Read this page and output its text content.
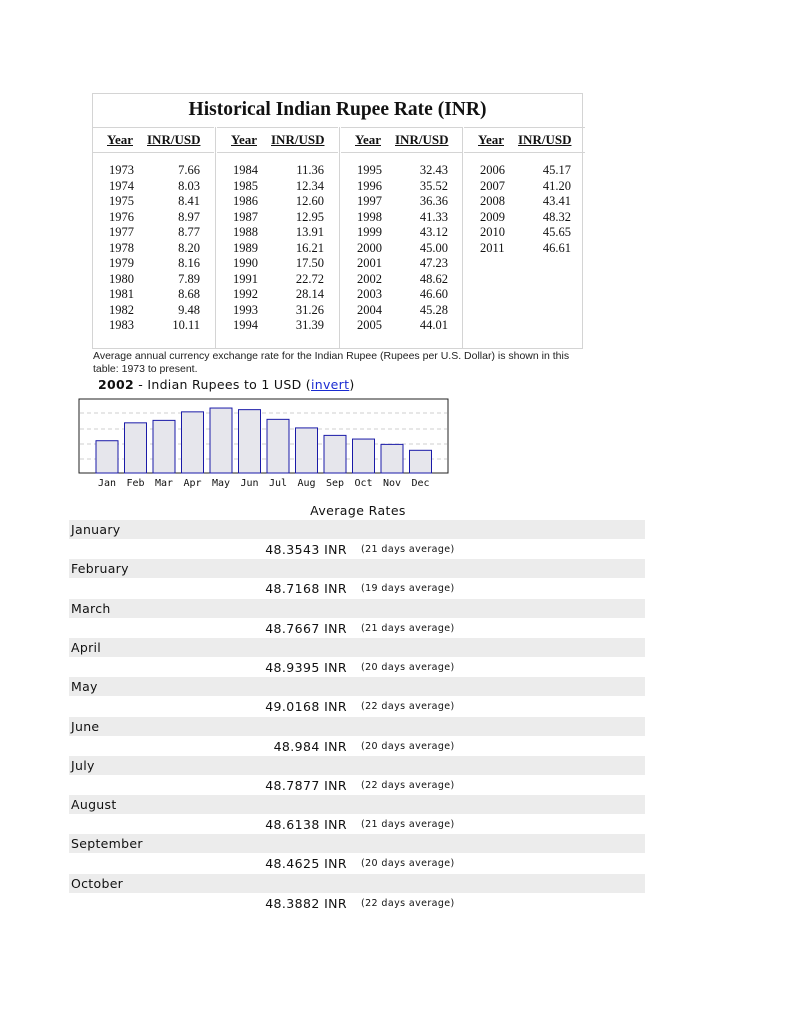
Historical Indian Rupee Rate (INR)
Year INR/USD
1973	7.66
1974	8.03
1975	8.41
1976	8.97
1977	8.77
1978	8.20
1979	8.16
1980	7.89
1981	8.68
1982	9.48
1983	10.11
Year INR/USD
1984	11.36
1985	12.34
1986	12.60
1987	12.95
1988	13.91
1989	16.21
1990	17.50
1991	22.72
1992	28.14
1993	31.26
1994	31.39
Year INR/USD
1995	32.43
1996	35.52
1997	36.36
1998	41.33
1999	43.12
2000	45.00
2001	47.23
2002	48.62
2003	46.60
2004	45.28
2005	44.01
Year INR/USD
2006	45.17
2007	41.20
2008	43.41
2009	48.32
2010	45.65
2011	46.61
Average annual currency exchange rate for the Indian Rupee (Rupees per U.S. Dollar) is shown in this table: 1973 to present.
2002 - Indian Rupees to 1 USD (invert)
Jan Feb Mar Apr May Jun Jul Aug Sep Oct Nov Dec
Average Rates
January
48.3543 INR (21 days average)
February
48.7168 INR (19 days average)
March
48.7667 INR (21 days average)
April
48.9395 INR (20 days average)
May
49.0168 INR (22 days average)
June
48.984 INR (20 days average)
July
48.7877 INR (22 days average)
August
48.6138 INR (21 days average)
September
48.4625 INR (20 days average)
October
48.3882 INR (22 days average)
